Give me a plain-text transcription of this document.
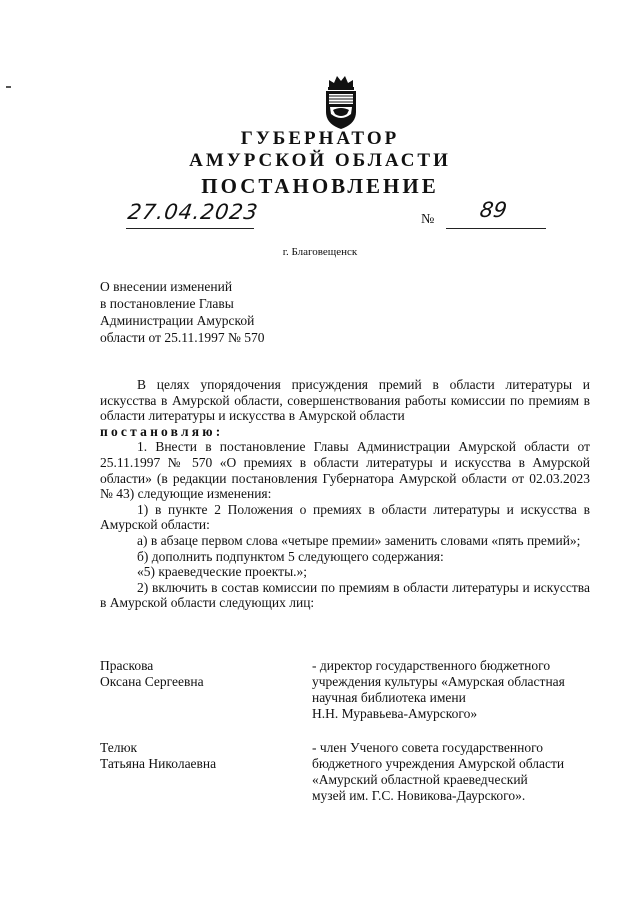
ГУБЕРНАТОР
АМУРСКОЙ ОБЛАСТИ
ПОСТАНОВЛЕНИЕ
27.04.2023	№ 89
г. Благовещенск
О внесении изменений
в постановление Главы
Администрации Амурской
области от 25.11.1997 № 570

В целях упорядочения присуждения премий в области литературы и искусства в Амурской области, совершенствования работы комиссии по премиям в области литературы и искусства в Амурской области

постановляю:

1. Внести в постановление Главы Администрации Амурской области от 25.11.1997 № 570 «О премиях в области литературы и искусства в Амурской области» (в редакции постановления Губернатора Амурской области от 02.03.2023 № 43) следующие изменения:

1) в пункте 2 Положения о премиях в области литературы и искусства в Амурской области:

а) в абзаце первом слова «четыре премии» заменить словами «пять премий»;

б) дополнить подпунктом 5 следующего содержания:

«5) краеведческие проекты.»;

2) включить в состав комиссии по премиям в области литературы и искусства в Амурской области следующих лиц:

Праскова
Оксана Сергеевна
- директор государственного бюджетного
учреждения культуры «Амурская областная
научная библиотека имени
Н.Н. Муравьева-Амурского»
Телюк
Татьяна Николаевна
- член Ученого совета государственного
бюджетного учреждения Амурской области
«Амурский областной краеведческий
музей им. Г.С. Новикова-Даурского».
